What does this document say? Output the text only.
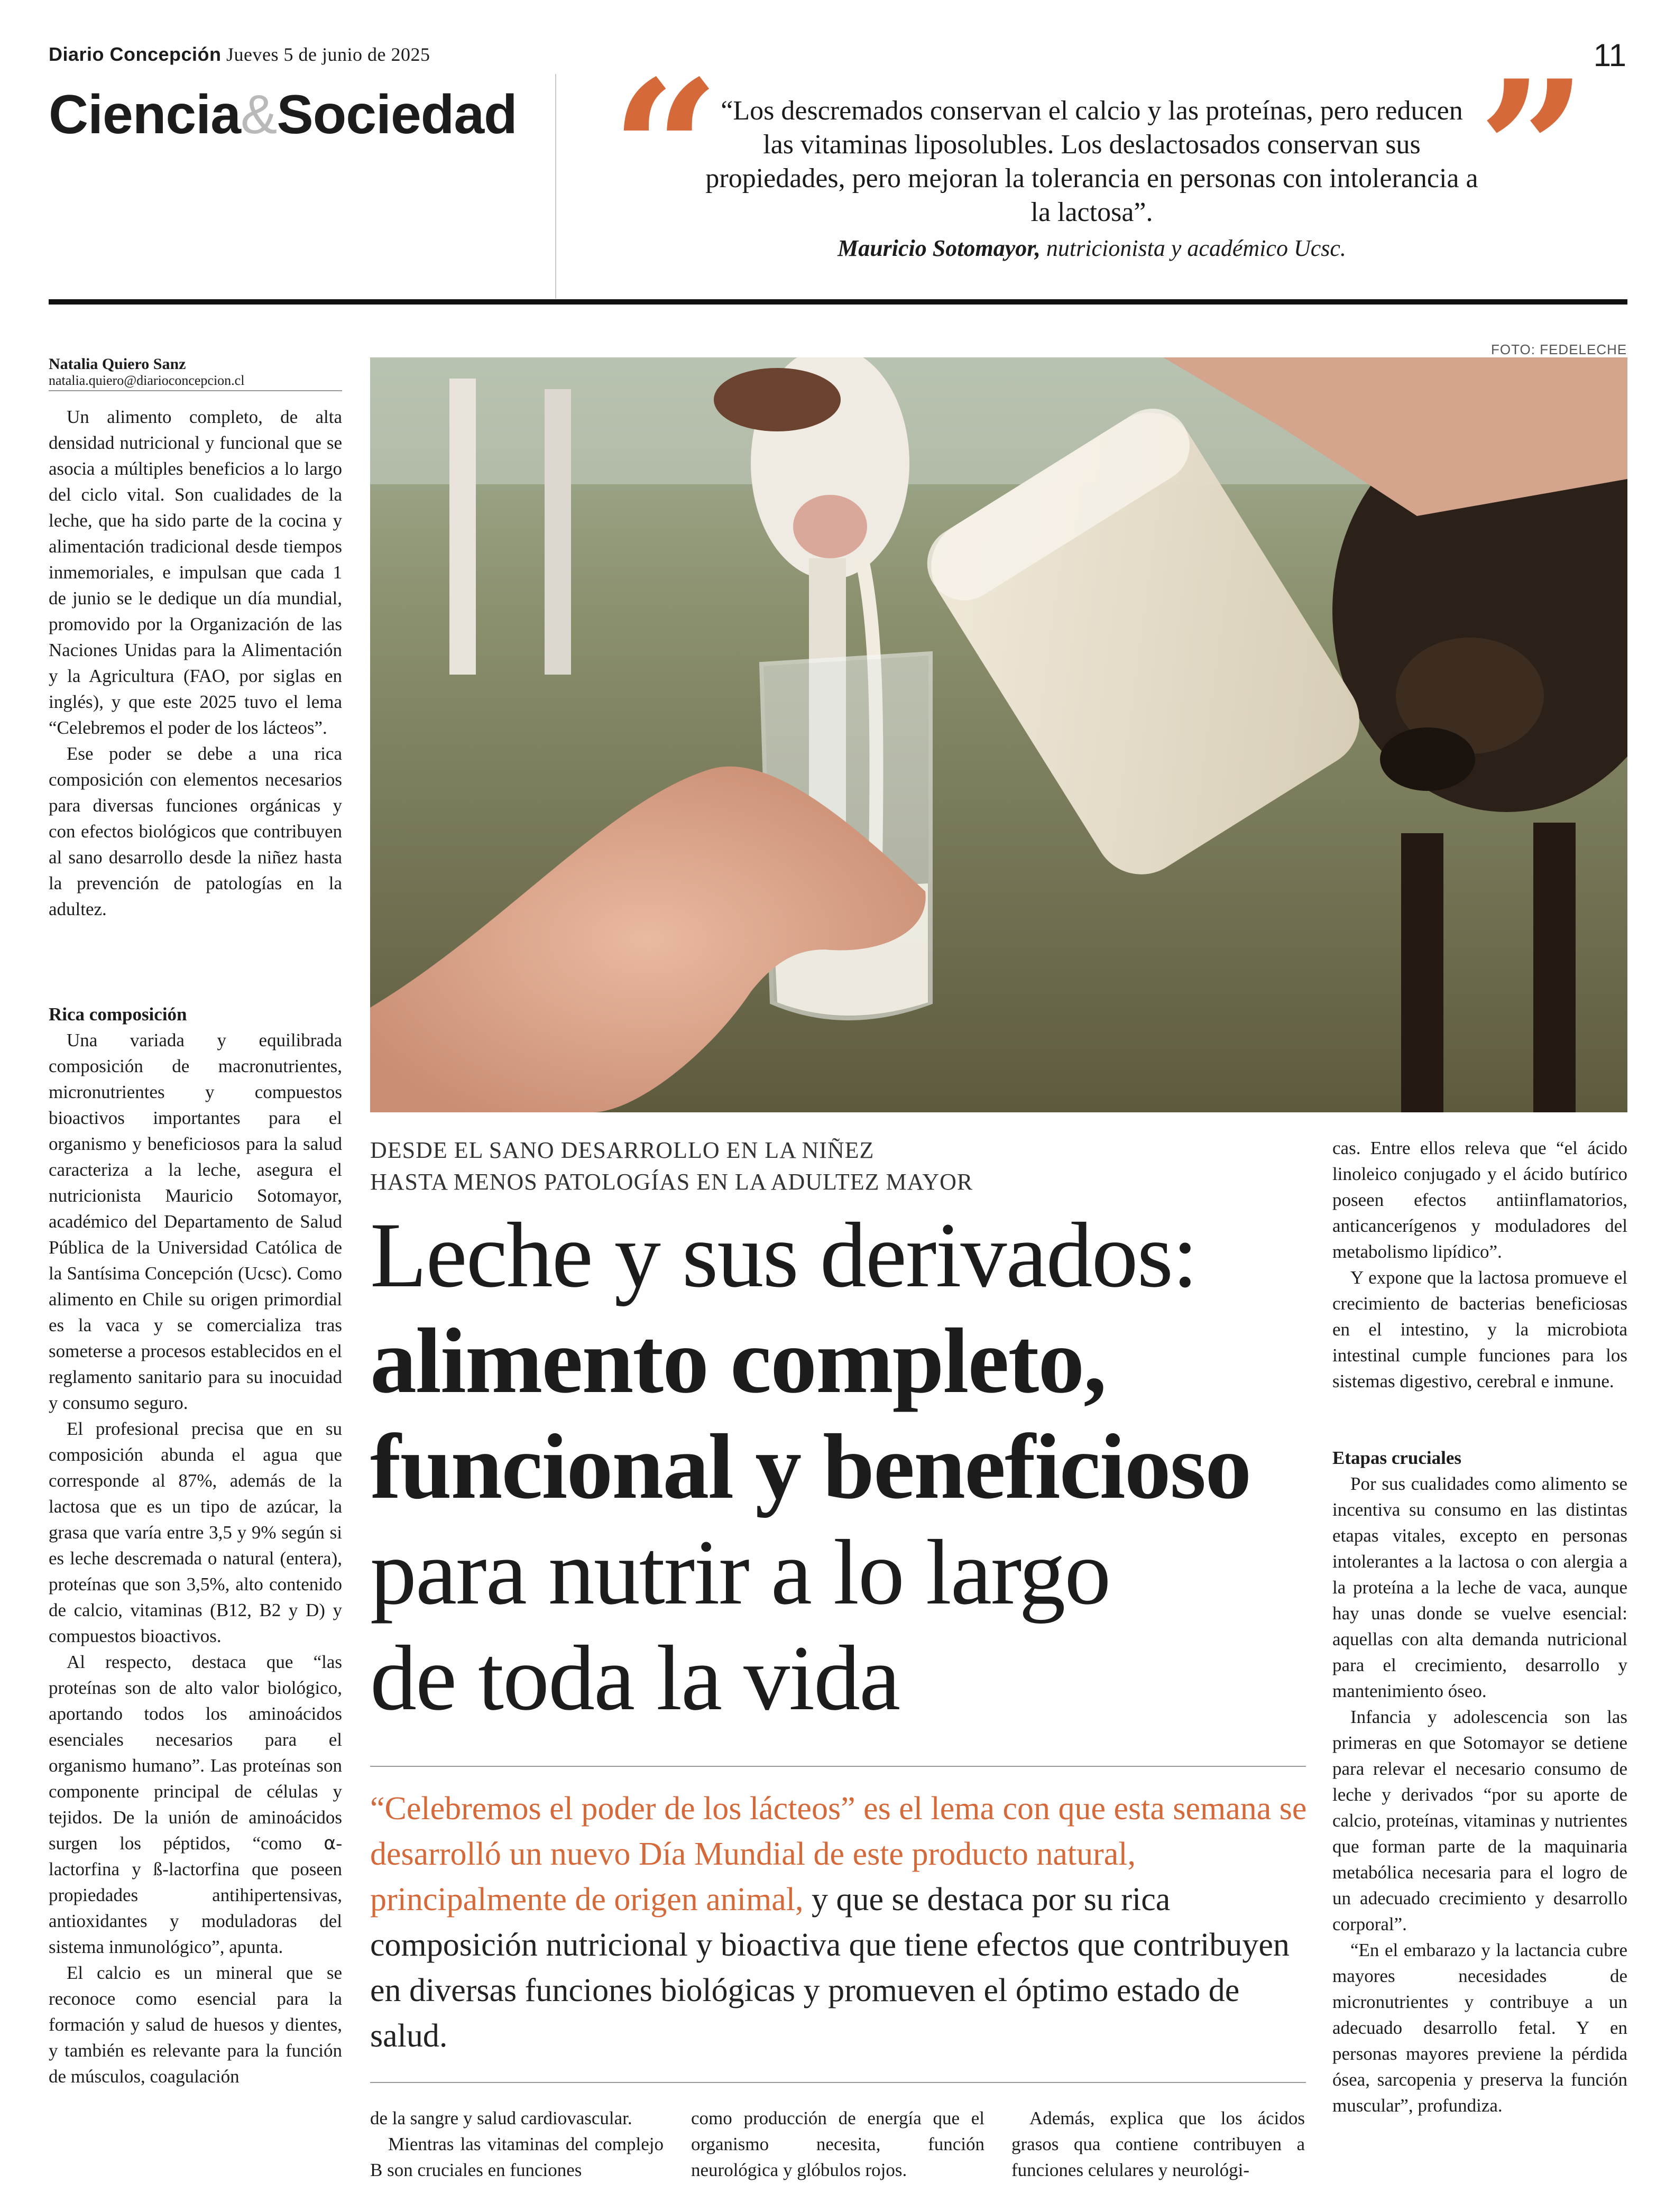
Diario Concepción Jueves 5 de junio de 2025	11
Ciencia&Sociedad “ “Los descremados conservan el calcio y las proteínas, pero reducen las vitaminas liposolubles. Los deslactosados conservan sus propiedades, pero mejoran la tolerancia en personas con intolerancia a la lactosa”.
Mauricio Sotomayor, nutricionista y académico Ucsc. ”
Natalia Quiero Sanz
natalia.quiero@diarioconcepcion.cl

Un alimento completo, de alta densidad nutricional y funcional que se asocia a múltiples beneficios a lo largo del ciclo vital. Son cualidades de la leche, que ha sido parte de la cocina y alimentación tradicional desde tiempos inmemoriales, e impulsan que cada 1 de junio se le dedique un día mundial, promovido por la Organización de las Naciones Unidas para la Alimentación y la Agricultura (FAO, por siglas en inglés), y que este 2025 tuvo el lema “Celebremos el poder de los lácteos”.

Ese poder se debe a una rica composición con elementos necesarios para diversas funciones orgánicas y con efectos biológicos que contribuyen al sano desarrollo desde la niñez hasta la prevención de patologías en la adultez.

Rica composición

Una variada y equilibrada composición de macronutrientes, micronutrientes y compuestos bioactivos importantes para el organismo y beneficiosos para la salud caracteriza a la leche, asegura el nutricionista Mauricio Sotomayor, académico del Departamento de Salud Pública de la Universidad Católica de la Santísima Concepción (Ucsc). Como alimento en Chile su origen primordial es la vaca y se comercializa tras someterse a procesos establecidos en el reglamento sanitario para su inocuidad y consumo seguro.

El profesional precisa que en su composición abunda el agua que corresponde al 87%, además de la lactosa que es un tipo de azúcar, la grasa que varía entre 3,5 y 9% según si es leche descremada o natural (entera), proteínas que son 3,5%, alto contenido de calcio, vitaminas (B12, B2 y D) y compuestos bioactivos.

Al respecto, destaca que “las proteínas son de alto valor biológico, aportando todos los aminoácidos esenciales necesarios para el organismo humano”. Las proteínas son componente principal de células y tejidos. De la unión de aminoácidos surgen los péptidos, “como ⍺-lactorfina y ß-lactorfina que poseen propiedades antihipertensivas, antioxidantes y moduladoras del sistema inmunológico”, apunta.

El calcio es un mineral que se reconoce como esencial para la formación y salud de huesos y dientes, y también es relevante para la función de músculos, coagulación

FOTO: FEDELECHE
DESDE EL SANO DESARROLLO EN LA NIÑEZ
HASTA MENOS PATOLOGÍAS EN LA ADULTEZ MAYOR
Leche y sus derivados:
alimento completo,
funcional y beneficioso
para nutrir a lo largo
de toda la vida
“Celebremos el poder de los lácteos” es el lema con que esta semana se desarrolló un nuevo Día Mundial de este producto natural, principalmente de origen animal, y que se destaca por su rica composición nutricional y bioactiva que tiene efectos que contribuyen en diversas funciones biológicas y promueven el óptimo estado de salud.

de la sangre y salud cardiovascular.

Mientras las vitaminas del complejo B son cruciales en funciones

como producción de energía que el organismo necesita, función neurológica y glóbulos rojos.

Además, explica que los ácidos grasos qua contiene contribuyen a funciones celulares y neurológi-

cas. Entre ellos releva que “el ácido linoleico conjugado y el ácido butírico poseen efectos antiinflamatorios, anticancerígenos y moduladores del metabolismo lipídico”.

Y expone que la lactosa promueve el crecimiento de bacterias beneficiosas en el intestino, y la microbiota intestinal cumple funciones para los sistemas digestivo, cerebral e inmune.

Etapas cruciales

Por sus cualidades como alimento se incentiva su consumo en las distintas etapas vitales, excepto en personas intolerantes a la lactosa o con alergia a la proteína a la leche de vaca, aunque hay unas donde se vuelve esencial: aquellas con alta demanda nutricional para el crecimiento, desarrollo y mantenimiento óseo.

Infancia y adolescencia son las primeras en que Sotomayor se detiene para relevar el necesario consumo de leche y derivados “por su aporte de calcio, proteínas, vitaminas y nutrientes que forman parte de la maquinaria metabólica necesaria para el logro de un adecuado crecimiento y desarrollo corporal”.

“En el embarazo y la lactancia cubre mayores necesidades de micronutrientes y contribuye a un adecuado desarrollo fetal. Y en personas mayores previene la pérdida ósea, sarcopenia y preserva la función muscular”, profundiza.
